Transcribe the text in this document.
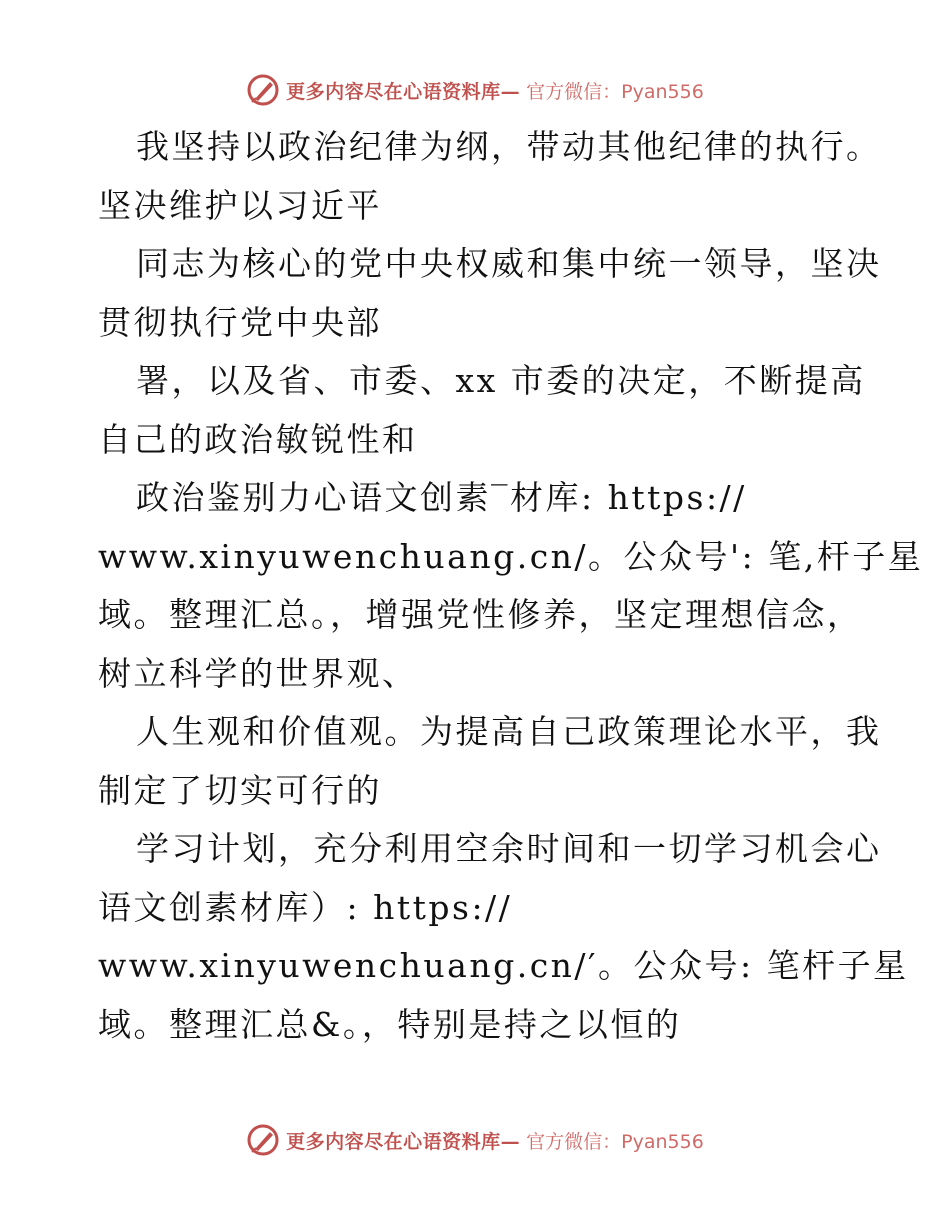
更多内容尽在心语资料库— 官方微信：Pyan556
我坚持以政治纪律为纲，带动其他纪律的执行。
坚决维护以习近平
同志为核心的党中央权威和集中统一领导，坚决
贯彻执行党中央部
署，以及省、市委、xx 市委的决定，不断提高
自己的政治敏锐性和
政治鉴别力心语文创素‾材库: https://
www.xinyuwenchuang.cn/。公众号': 笔,杆子星
域。整理汇总。，增强党性修养，坚定理想信念，
树立科学的世界观、
人生观和价值观。为提高自己政策理论水平，我
制定了切实可行的
学习计划，充分利用空余时间和一切学习机会心
语文创素材库）: https://
www.xinyuwenchuang.cn/′。公众号: 笔杆子星
域。整理汇总&。，特别是持之以恒的
更多内容尽在心语资料库— 官方微信：Pyan556
